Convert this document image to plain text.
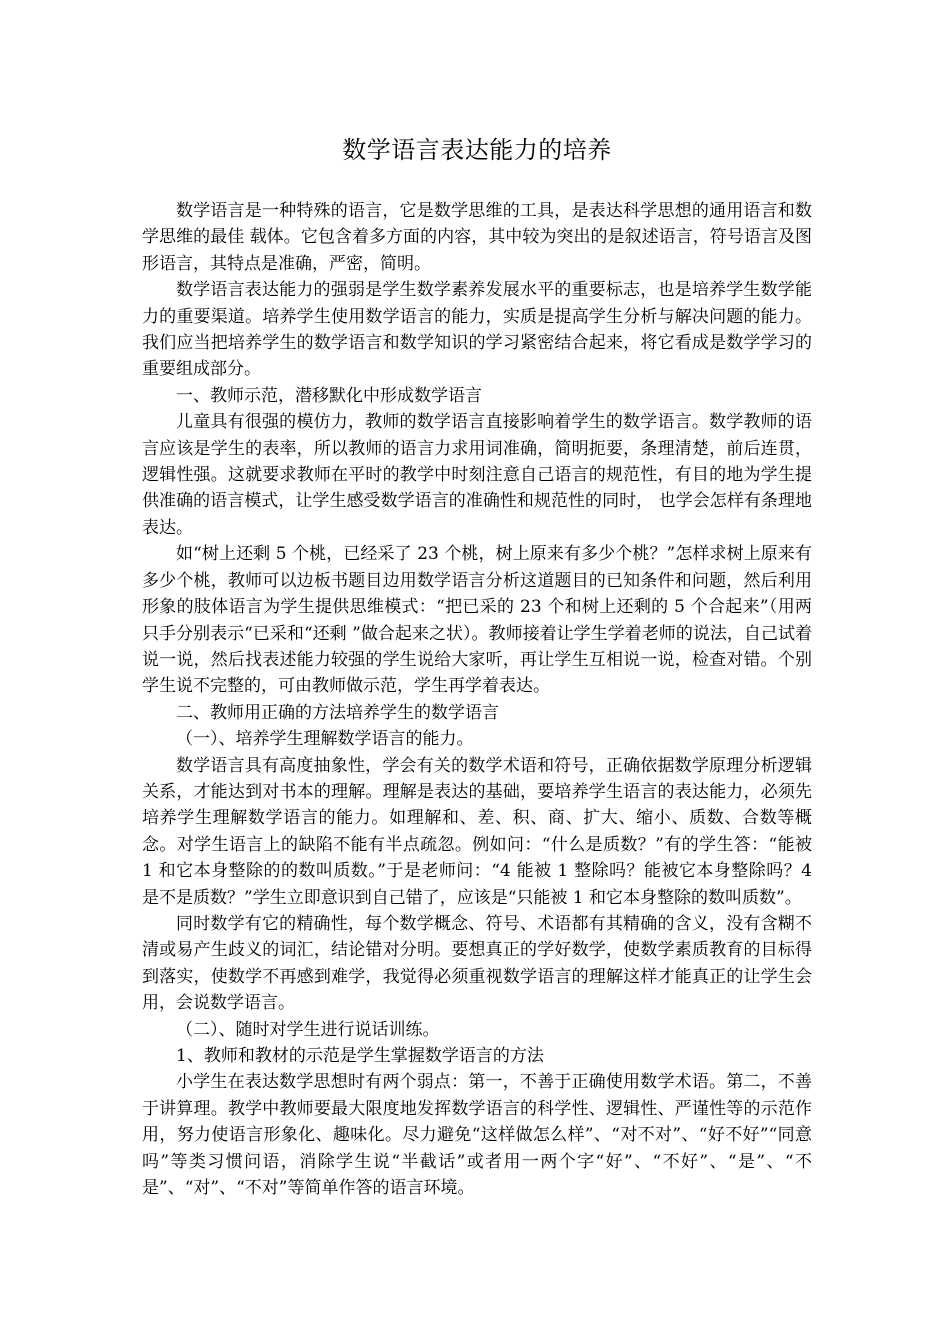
数学语言表达能力的培养

数学语言是一种特殊的语言，它是数学思维的工具，是表达科学思想的通用语言和数学思维的最佳 载体。它包含着多方面的内容，其中较为突出的是叙述语言，符号语言及图形语言，其特点是准确，严密，简明。

数学语言表达能力的强弱是学生数学素养发展水平的重要标志，也是培养学生数学能力的重要渠道。培养学生使用数学语言的能力，实质是提高学生分析与解决问题的能力。我们应当把培养学生的数学语言和数学知识的学习紧密结合起来，将它看成是数学学习的重要组成部分。

一、教师示范，潜移默化中形成数学语言

儿童具有很强的模仿力，教师的数学语言直接影响着学生的数学语言。数学教师的语言应该是学生的表率，所以教师的语言力求用词准确，简明扼要，条理清楚，前后连贯，逻辑性强。这就要求教师在平时的教学中时刻注意自己语言的规范性，有目的地为学生提供准确的语言模式，让学生感受数学语言的准确性和规范性的同时， 也学会怎样有条理地表达。

如“树上还剩 5 个桃，已经采了 23 个桃，树上原来有多少个桃？”怎样求树上原来有多少个桃，教师可以边板书题目边用数学语言分析这道题目的已知条件和问题，然后利用形象的肢体语言为学生提供思维模式：“把已采的 23 个和树上还剩的 5 个合起来”（用两只手分别表示“已采和“还剩 ”做合起来之状）。教师接着让学生学着老师的说法，自己试着说一说，然后找表述能力较强的学生说给大家听，再让学生互相说一说，检查对错。个别学生说不完整的，可由教师做示范，学生再学着表达。

二、教师用正确的方法培养学生的数学语言

（一）、培养学生理解数学语言的能力。

数学语言具有高度抽象性，学会有关的数学术语和符号，正确依据数学原理分析逻辑关系，才能达到对书本的理解。理解是表达的基础，要培养学生语言的表达能力，必须先培养学生理解数学语言的能力。如理解和、差、积、商、扩大、缩小、质数、合数等概念。对学生语言上的缺陷不能有半点疏忽。例如问：“什么是质数？”有的学生答：“能被 1 和它本身整除的的数叫质数。”于是老师问：“4 能被 1 整除吗？能被它本身整除吗？4 是不是质数？”学生立即意识到自己错了，应该是“只能被 1 和它本身整除的数叫质数”。

同时数学有它的精确性，每个数学概念、符号、术语都有其精确的含义，没有含糊不清或易产生歧义的词汇，结论错对分明。要想真正的学好数学，使数学素质教育的目标得到落实，使数学不再感到难学，我觉得必须重视数学语言的理解这样才能真正的让学生会用，会说数学语言。

（二）、随时对学生进行说话训练。

1、教师和教材的示范是学生掌握数学语言的方法

小学生在表达数学思想时有两个弱点：第一，不善于正确使用数学术语。第二，不善于讲算理。教学中教师要最大限度地发挥数学语言的科学性、逻辑性、严谨性等的示范作用，努力使语言形象化、趣味化。尽力避免“这样做怎么样”、“对不对”、“好不好”“同意吗”等类习惯问语，消除学生说“半截话”或者用一两个字“好”、“不好”、“是”、“不是”、“对”、“不对”等简单作答的语言环境。
